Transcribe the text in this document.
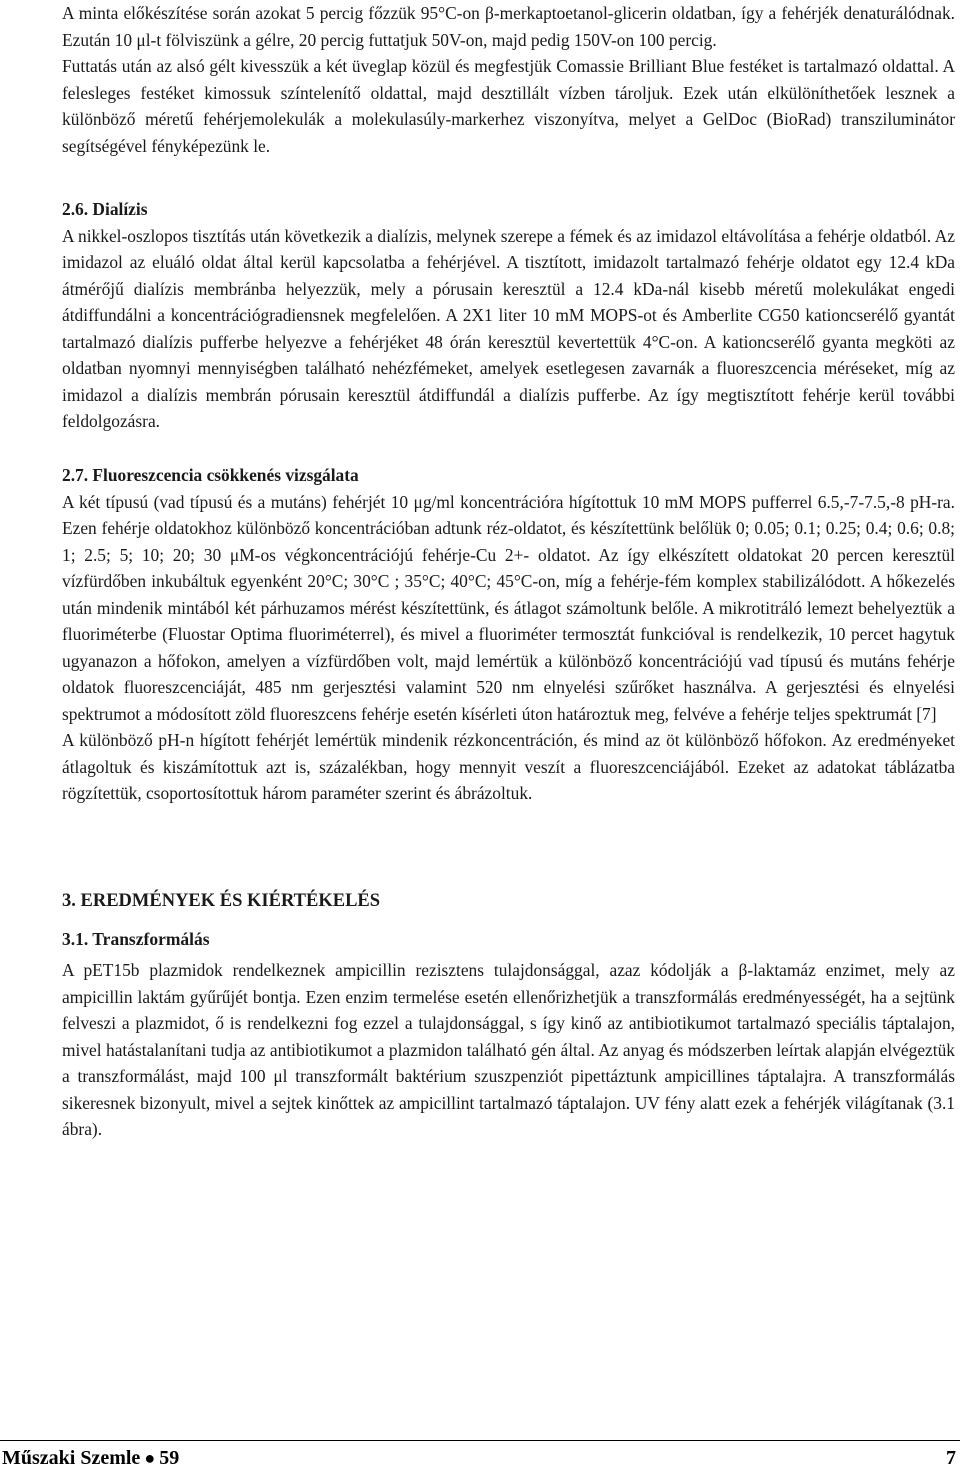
A minta előkészítése során azokat 5 percig főzzük 95°C-on β-merkaptoetanol-glicerin oldatban, így a fehérjék denaturálódnak. Ezután 10 μl-t fölviszünk a gélre, 20 percig futtatjuk 50V-on, majd pedig 150V-on 100 percig.

Futtatás után az alsó gélt kivesszük a két üveglap közül és megfestjük Comassie Brilliant Blue festéket is tartalmazó oldattal. A felesleges festéket kimossuk színtelenítő oldattal, majd desztillált vízben tároljuk. Ezek után elkülöníthetőek lesznek a különböző méretű fehérjemolekulák a molekulasúly-markerhez viszonyítva, melyet a GelDoc (BioRad) transziluminátor segítségével fényképezünk le.

2.6. Dialízis

A nikkel-oszlopos tisztítás után következik a dialízis, melynek szerepe a fémek és az imidazol eltávolítása a fehérje oldatból. Az imidazol az eluáló oldat által kerül kapcsolatba a fehérjével. A tisztított, imidazolt tartalmazó fehérje oldatot egy 12.4 kDa átmérőjű dialízis membránba helyezzük, mely a pórusain keresztül a 12.4 kDa-nál kisebb méretű molekulákat engedi átdiffundálni a koncentrációgradiensnek megfelelően. A 2X1 liter 10 mM MOPS-ot és Amberlite CG50 kationcserélő gyantát tartalmazó dialízis pufferbe helyezve a fehérjéket 48 órán keresztül kevertettük 4°C-on. A kationcserélő gyanta megköti az oldatban nyomnyi mennyiségben található nehézfémeket, amelyek esetlegesen zavarnák a fluoreszcencia méréseket, míg az imidazol a dialízis membrán pórusain keresztül átdiffundál a dialízis pufferbe. Az így megtisztított fehérje kerül további feldolgozásra.

2.7. Fluoreszcencia csökkenés vizsgálata

A két típusú (vad típusú és a mutáns) fehérjét 10 μg/ml koncentrációra hígítottuk 10 mM MOPS pufferrel 6.5,-7-7.5,-8 pH-ra. Ezen fehérje oldatokhoz különböző koncentrációban adtunk réz-oldatot, és készítettünk belőlük 0; 0.05; 0.1; 0.25; 0.4; 0.6; 0.8; 1; 2.5; 5; 10; 20; 30 μM-os végkoncentrációjú fehérje-Cu 2+- oldatot. Az így elkészített oldatokat 20 percen keresztül vízfürdőben inkubáltuk egyenként 20°C; 30°C ; 35°C; 40°C; 45°C-on, míg a fehérje-fém komplex stabilizálódott. A hőkezelés után mindenik mintából két párhuzamos mérést készítettünk, és átlagot számoltunk belőle. A mikrotitráló lemezt behelyeztük a fluoriméterbe (Fluostar Optima fluoriméterrel), és mivel a fluoriméter termosztát funkcióval is rendelkezik, 10 percet hagytuk ugyanazon a hőfokon, amelyen a vízfürdőben volt, majd lemértük a különböző koncentrációjú vad típusú és mutáns fehérje oldatok fluoreszcenciáját, 485 nm gerjesztési valamint 520 nm elnyelési szűrőket használva. A gerjesztési és elnyelési spektrumot a módosított zöld fluoreszcens fehérje esetén kísérleti úton határoztuk meg, felvéve a fehérje teljes spektrumát [7]

A különböző pH-n hígított fehérjét lemértük mindenik rézkoncentráción, és mind az öt különböző hőfokon. Az eredményeket átlagoltuk és kiszámítottuk azt is, százalékban, hogy mennyit veszít a fluoreszcenciájából. Ezeket az adatokat táblázatba rögzítettük, csoportosítottuk három paraméter szerint és ábrázoltuk.

3. EREDMÉNYEK ÉS KIÉRTÉKELÉS

3.1. Transzformálás

A pET15b plazmidok rendelkeznek ampicillin rezisztens tulajdonsággal, azaz kódolják a β-laktamáz enzimet, mely az ampicillin laktám gyűrűjét bontja. Ezen enzim termelése esetén ellenőrizhetjük a transzformálás eredményességét, ha a sejtünk felveszi a plazmidot, ő is rendelkezni fog ezzel a tulajdonsággal, s így kinő az antibiotikumot tartalmazó speciális táptalajon, mivel hatástalanítani tudja az antibiotikumot a plazmidon található gén által. Az anyag és módszerben leírtak alapján elvégeztük a transzformálást, majd 100 μl transzformált baktérium szuszpenziót pipettáztunk ampicillines táptalajra. A transzformálás sikeresnek bizonyult, mivel a sejtek kinőttek az ampicillint tartalmazó táptalajon. UV fény alatt ezek a fehérjék világítanak (3.1 ábra).

Műszaki Szemle ● 59	7
